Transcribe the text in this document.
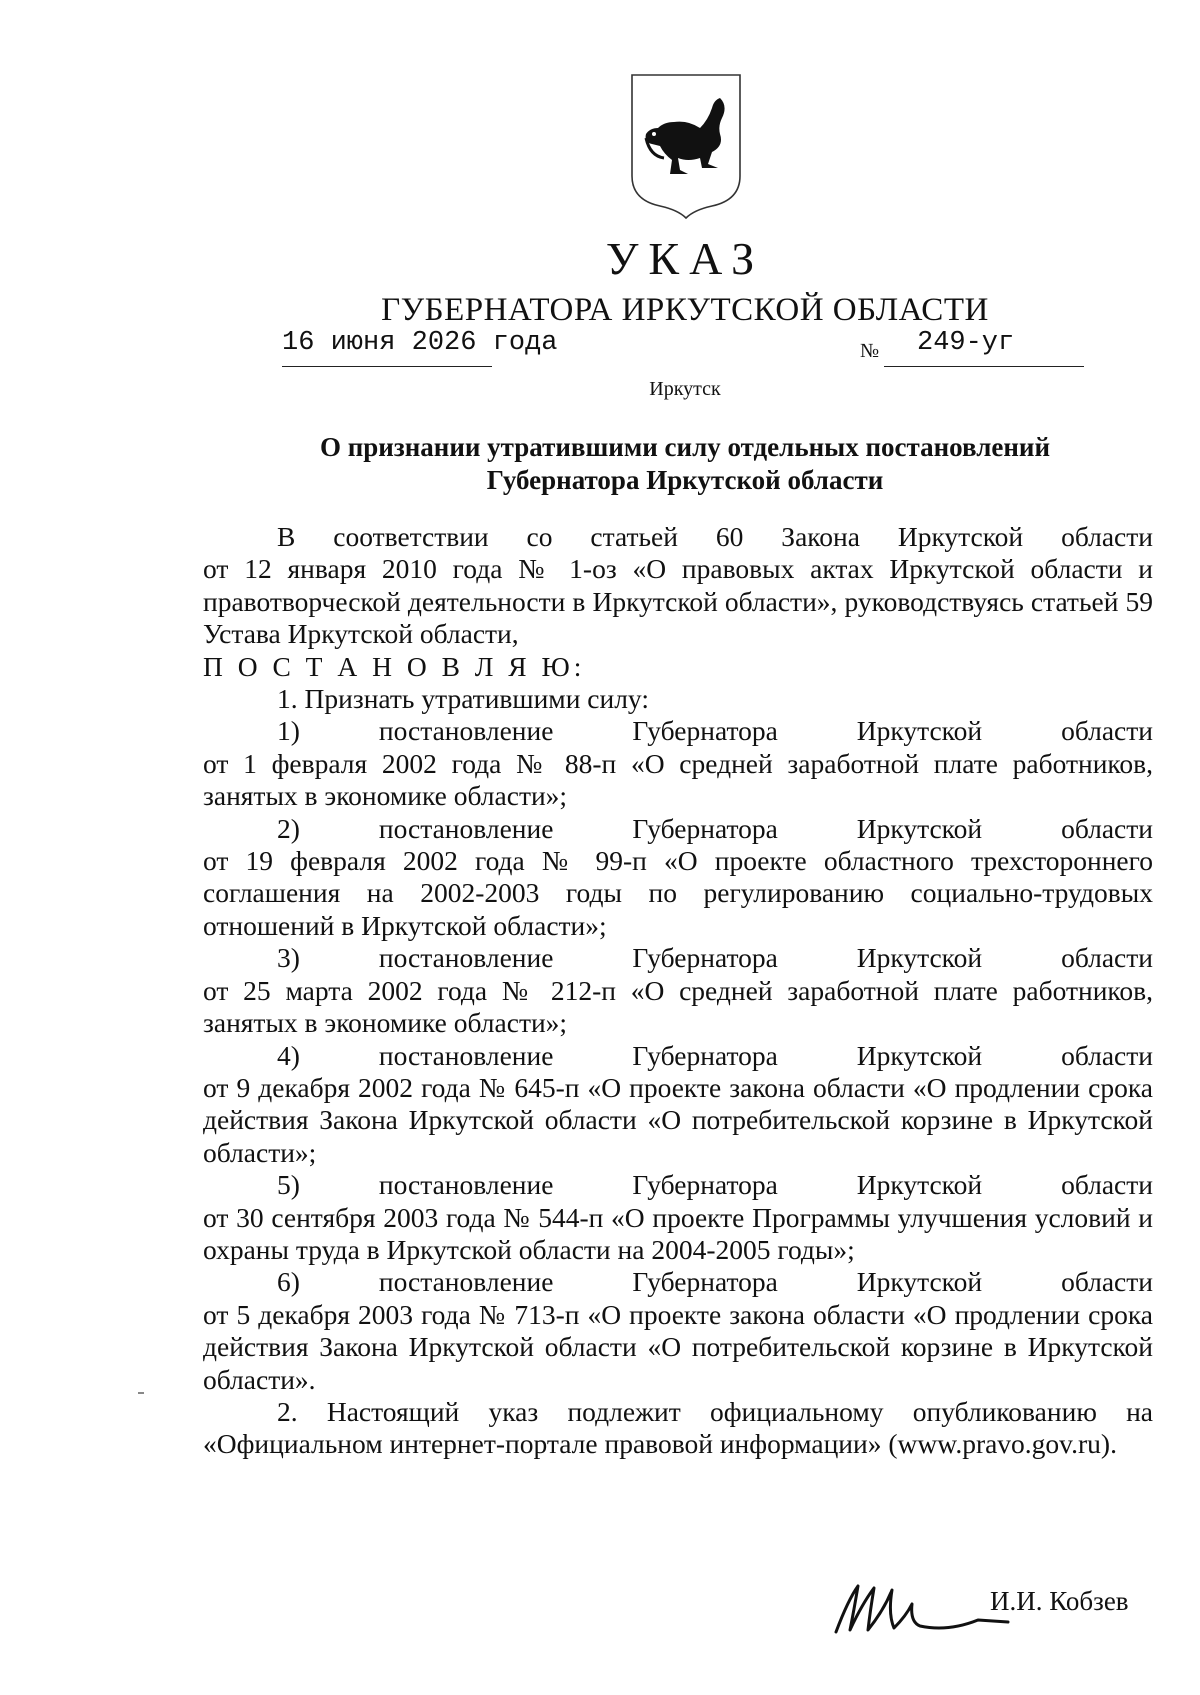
УКАЗ
ГУБЕРНАТОРА ИРКУТСКОЙ ОБЛАСТИ
16 июня 2026 года	№ 249-уг
Иркутск
О признании утратившими силу отдельных постановлений
Губернатора Иркутской области

В соответствии со статьей 60 Закона Иркутской области

от 12 января 2010 года № 1-оз «О правовых актах Иркутской области и правотворческой деятельности в Иркутской области», руководствуясь статьей 59 Устава Иркутской области,

П О С Т А Н О В Л Я Ю:

1. Признать утратившими силу:

1) постановление Губернатора Иркутской области

от 1 февраля 2002 года № 88-п «О средней заработной плате работников, занятых в экономике области»;

2) постановление Губернатора Иркутской области

от 19 февраля 2002 года № 99-п «О проекте областного трехстороннего соглашения на 2002-2003 годы по регулированию социально-трудовых отношений в Иркутской области»;

3) постановление Губернатора Иркутской области

от 25 марта 2002 года № 212-п «О средней заработной плате работников, занятых в экономике области»;

4) постановление Губернатора Иркутской области

от 9 декабря 2002 года № 645-п «О проекте закона области «О продлении срока действия Закона Иркутской области «О потребительской корзине в Иркутской области»;

5) постановление Губернатора Иркутской области

от 30 сентября 2003 года № 544-п «О проекте Программы улучшения условий и охраны труда в Иркутской области на 2004-2005 годы»;

6) постановление Губернатора Иркутской области

от 5 декабря 2003 года № 713-п «О проекте закона области «О продлении срока действия Закона Иркутской области «О потребительской корзине в Иркутской области».

2. Настоящий указ подлежит официальному опубликованию на «Официальном интернет-портале правовой информации» (www.pravo.gov.ru).

И.И. Кобзев
